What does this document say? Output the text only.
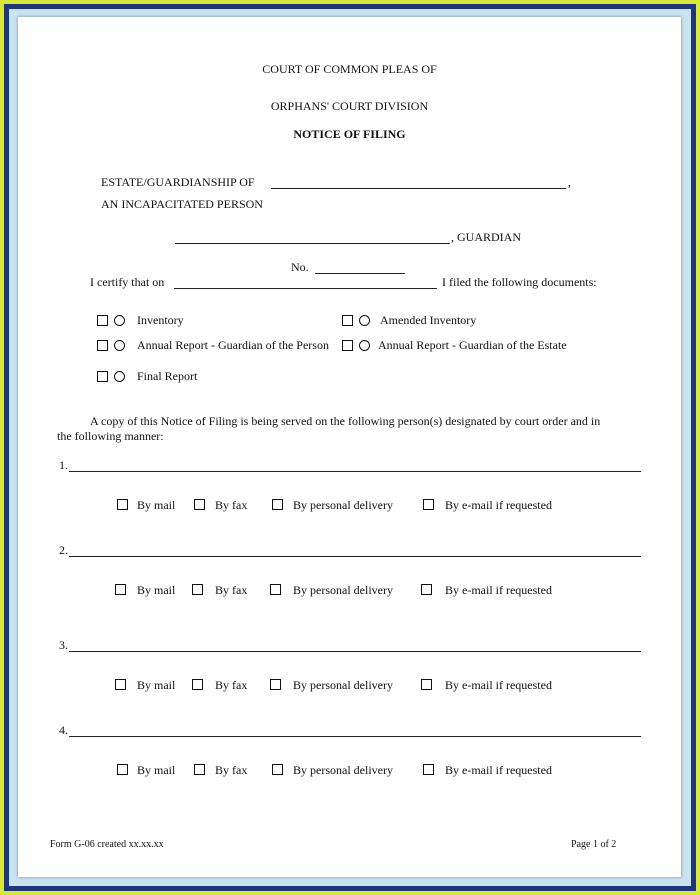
COURT OF COMMON PLEAS OF
ORPHANS' COURT DIVISION
NOTICE OF FILING
ESTATE/GUARDIANSHIP OF	,
AN INCAPACITATED PERSON
, GUARDIAN
No.
I certify that on	I filed the following documents:
Inventory	Amended Inventory
Annual Report - Guardian of the Person	Annual Report - Guardian of the Estate
Final Report
A copy of this Notice of Filing is being served on the following person(s) designated by court order and in
the following manner:
1.
By mail	By fax	By personal delivery	By e-mail if requested
2.
By mail	By fax	By personal delivery	By e-mail if requested
3.
By mail	By fax	By personal delivery	By e-mail if requested
4.
By mail	By fax	By personal delivery	By e-mail if requested
Form G-06 created xx.xx.xx	Page 1 of 2
